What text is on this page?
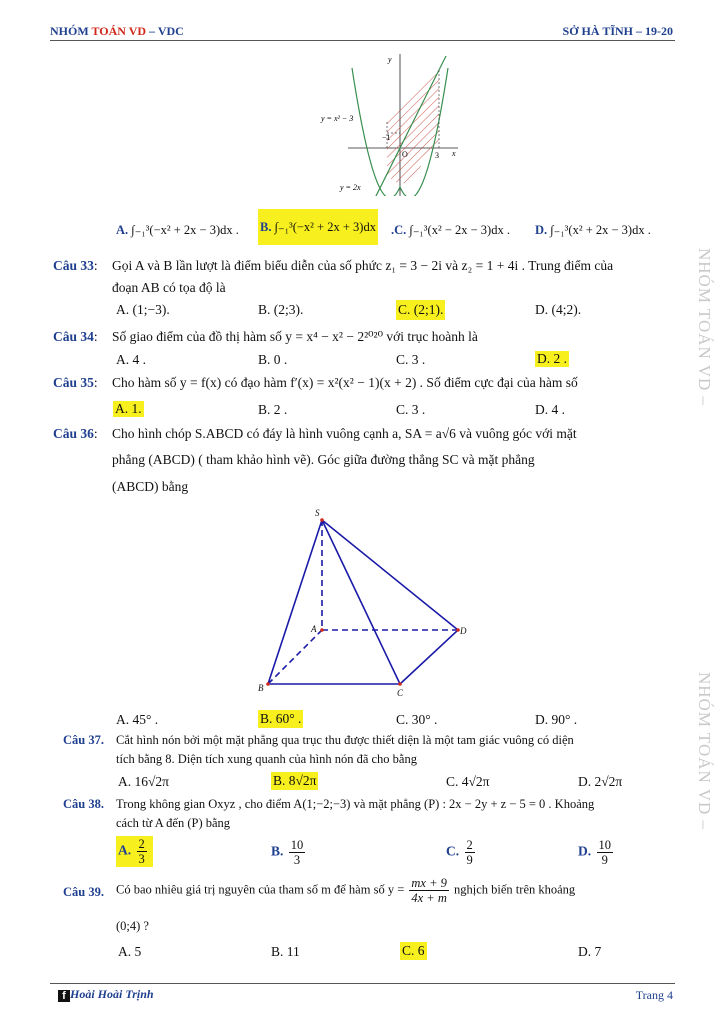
NHÓM TOÁN VD – VDC	SỞ HÀ TĨNH – 19-20
y = x² − 3
y = 2x
y
x
O
−1
3
A. ∫₋₁³(−x² + 2x − 3)dx . B. ∫₋₁³(−x² + 2x + 3)dx .C. ∫₋₁³(x² − 2x − 3)dx . D. ∫₋₁³(x² + 2x − 3)dx .
Câu 33: Gọi A và B lần lượt là điểm biểu diễn của số phức z₁ = 3 − 2i và z₂ = 1 + 4i . Trung điểm của
đoạn AB có tọa độ là
A. (1;−3).	B. (2;3).	C. (2;1).	D. (4;2).
Câu 34: Số giao điểm của đồ thị hàm số y = x⁴ − x² − 2²⁰²⁰ với trục hoành là
A. 4 .	B. 0 .	C. 3 .	D. 2 .
Câu 35: Cho hàm số y = f(x) có đạo hàm f′(x) = x²(x² − 1)(x + 2) . Số điểm cực đại của hàm số
A. 1.	B. 2 .	C. 3 .	D. 4 .
Câu 36: Cho hình chóp S.ABCD có đáy là hình vuông cạnh a, SA = a√6 và vuông góc với mặt
phẳng (ABCD) ( tham khảo hình vẽ). Góc giữa đường thẳng SC và mặt phẳng
(ABCD) bằng
S
A
B	C
D
A. 45° .	B. 60° .	C. 30° .	D. 90° .
Câu 37. Cắt hình nón bởi một mặt phẳng qua trục thu được thiết diện là một tam giác vuông có diện
tích bằng 8. Diện tích xung quanh của hình nón đã cho bằng
A. 16√2π	B. 8√2π	C. 4√2π	D. 2√2π
Câu 38. Trong không gian Oxyz , cho điểm A(1;−2;−3) và mặt phẳng (P) : 2x − 2y + z − 5 = 0 . Khoảng
cách từ A đến (P) bằng
A. $\frac{2}{3}$	B. $\frac{10}{3}$	C. $\frac{2}{9}$	D. $\frac{10}{9}$
Câu 39. Có bao nhiêu giá trị nguyên của tham số m để hàm số $y = \frac{mx + 9}{4x + m}$ nghịch biến trên khoảng
(0;4) ?
A. 5	B. 11	C. 6	D. 7
NHÓM TOÁN VD –
NHÓM TOÁN VD –
f Hoài Hoài Trịnh	Trang 4
